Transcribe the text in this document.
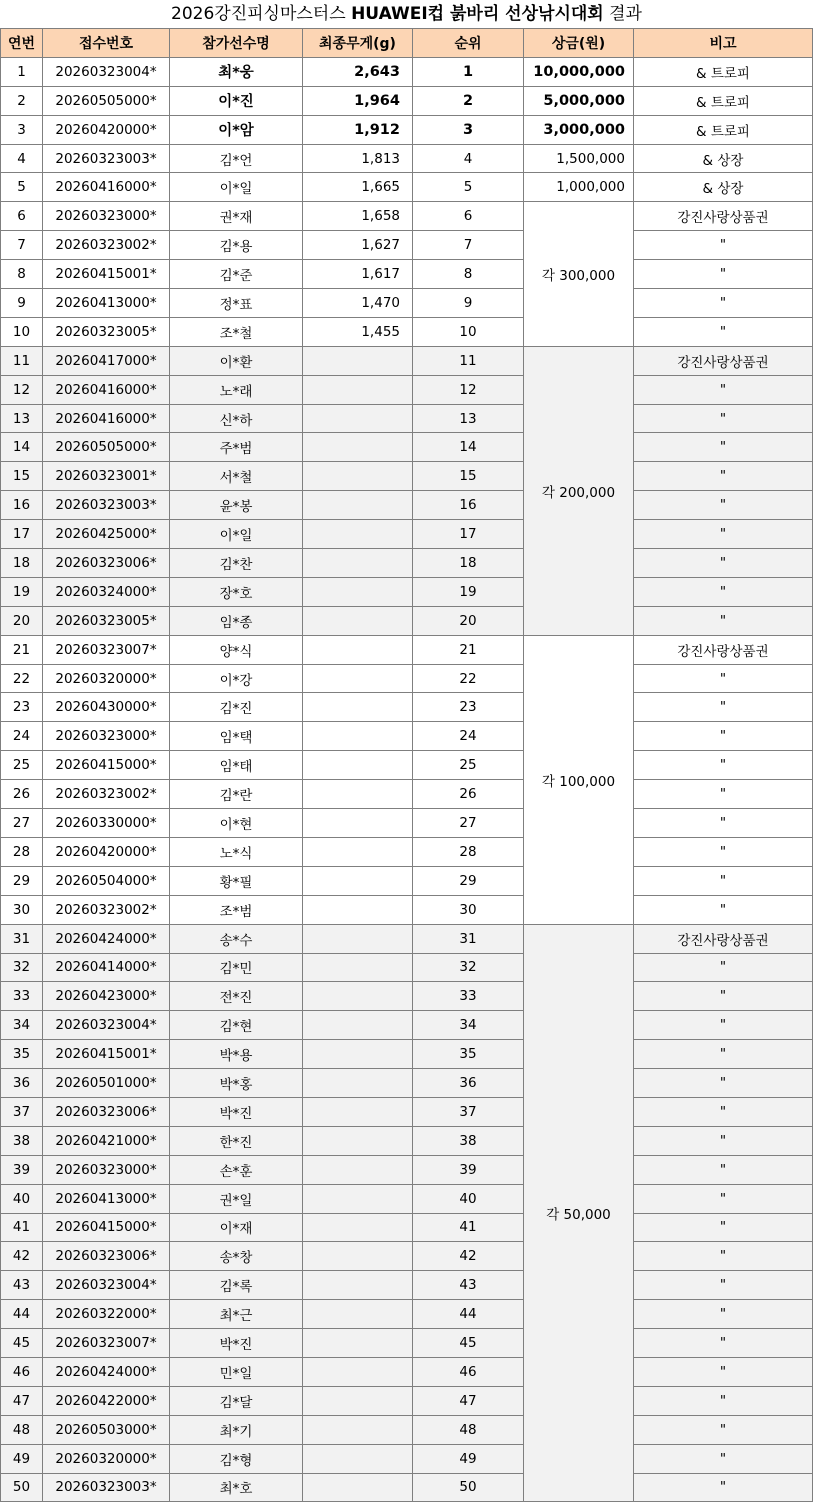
2026강진피싱마스터스 HUAWEI컵 붉바리 선상낚시대회 결과
연번	접수번호	참가선수명	최종무게(g)	순위	상금(원)	비고
1	20260323004*	최*웅	2,643	1	10,000,000	& 트로피
2	20260505000*	이*진	1,964	2	5,000,000	& 트로피
3	20260420000*	이*암	1,912	3	3,000,000	& 트로피
4	20260323003*	김*언	1,813	4	1,500,000	& 상장
5	20260416000*	이*일	1,665	5	1,000,000	& 상장
6	20260323000*	권*재	1,658	6	각 300,000	강진사랑상품권
7	20260323002*	김*용	1,627	7		"
8	20260415001*	김*준	1,617	8		"
9	20260413000*	정*표	1,470	9		"
10	20260323005*	조*철	1,455	10		"
11	20260417000*	이*환		11	각 200,000	강진사랑상품권
12	20260416000*	노*래		12		"
13	20260416000*	신*하		13		"
14	20260505000*	주*범		14		"
15	20260323001*	서*철		15		"
16	20260323003*	윤*봉		16		"
17	20260425000*	이*일		17		"
18	20260323006*	김*찬		18		"
19	20260324000*	장*호		19		"
20	20260323005*	임*종		20		"
21	20260323007*	양*식		21	각 100,000	강진사랑상품권
22	20260320000*	이*강		22		"
23	20260430000*	김*진		23		"
24	20260323000*	임*택		24		"
25	20260415000*	임*태		25		"
26	20260323002*	김*란		26		"
27	20260330000*	이*현		27		"
28	20260420000*	노*식		28		"
29	20260504000*	황*필		29		"
30	20260323002*	조*범		30		"
31	20260424000*	송*수		31	각 50,000	강진사랑상품권
32	20260414000*	김*민		32		"
33	20260423000*	전*진		33		"
34	20260323004*	김*현		34		"
35	20260415001*	박*용		35		"
36	20260501000*	박*홍		36		"
37	20260323006*	박*진		37		"
38	20260421000*	한*진		38		"
39	20260323000*	손*훈		39		"
40	20260413000*	권*일		40		"
41	20260415000*	이*재		41		"
42	20260323006*	송*창		42		"
43	20260323004*	김*록		43		"
44	20260322000*	최*근		44		"
45	20260323007*	박*진		45		"
46	20260424000*	민*일		46		"
47	20260422000*	김*달		47		"
48	20260503000*	최*기		48		"
49	20260320000*	김*형		49		"
50	20260323003*	최*호		50		"
